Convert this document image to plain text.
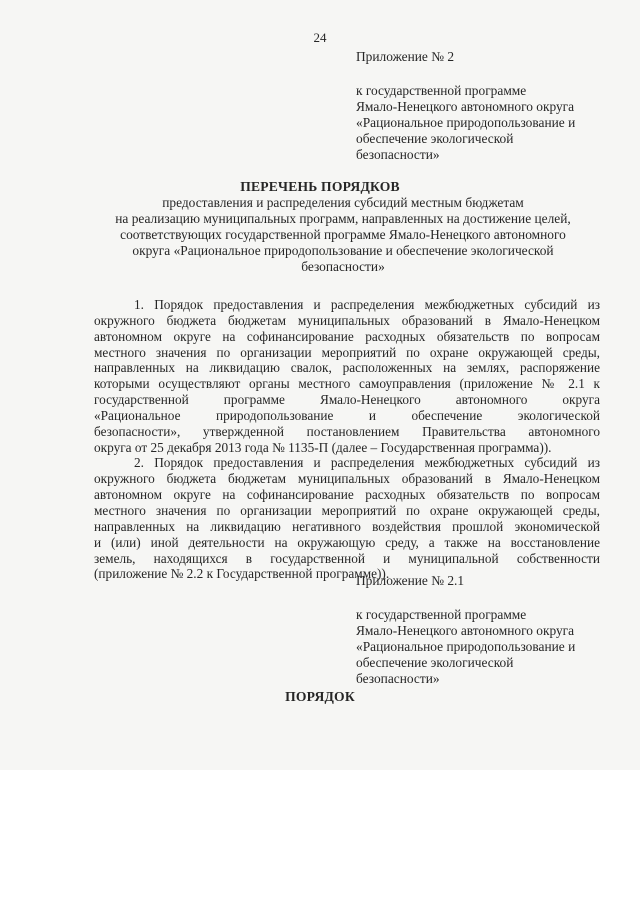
24
Приложение № 2
к государственной программе
Ямало-Ненецкого автономного округа
«Рациональное природопользование и
обеспечение экологической
безопасности»
ПЕРЕЧЕНЬ ПОРЯДКОВ
предоставления и распределения субсидий местным бюджетам
на реализацию муниципальных программ, направленных на достижение целей,
соответствующих государственной программе Ямало-Ненецкого автономного
округа «Рациональное природопользование и обеспечение экологической
безопасности»
1. Порядок предоставления и распределения межбюджетных субсидий из
окружного бюджета бюджетам муниципальных образований в Ямало-Ненецком
автономном округе на софинансирование расходных обязательств по вопросам
местного значения по организации мероприятий по охране окружающей среды,
направленных на ликвидацию свалок, расположенных на землях, распоряжение
которыми осуществляют органы местного самоуправления (приложение № 2.1 к
государственной программе Ямало-Ненецкого автономного округа
«Рациональное природопользование и обеспечение экологической
безопасности», утвержденной постановлением Правительства автономного
округа от 25 декабря 2013 года № 1135-П (далее – Государственная программа)).
2. Порядок предоставления и распределения межбюджетных субсидий из
окружного бюджета бюджетам муниципальных образований в Ямало-Ненецком
автономном округе на софинансирование расходных обязательств по вопросам
местного значения по организации мероприятий по охране окружающей среды,
направленных на ликвидацию негативного воздействия прошлой экономической
и (или) иной деятельности на окружающую среду, а также на восстановление
земель, находящихся в государственной и муниципальной собственности
(приложение № 2.2 к Государственной программе)).
Приложение № 2.1
к государственной программе
Ямало-Ненецкого автономного округа
«Рациональное природопользование и
обеспечение экологической
безопасности»
ПОРЯДОК
